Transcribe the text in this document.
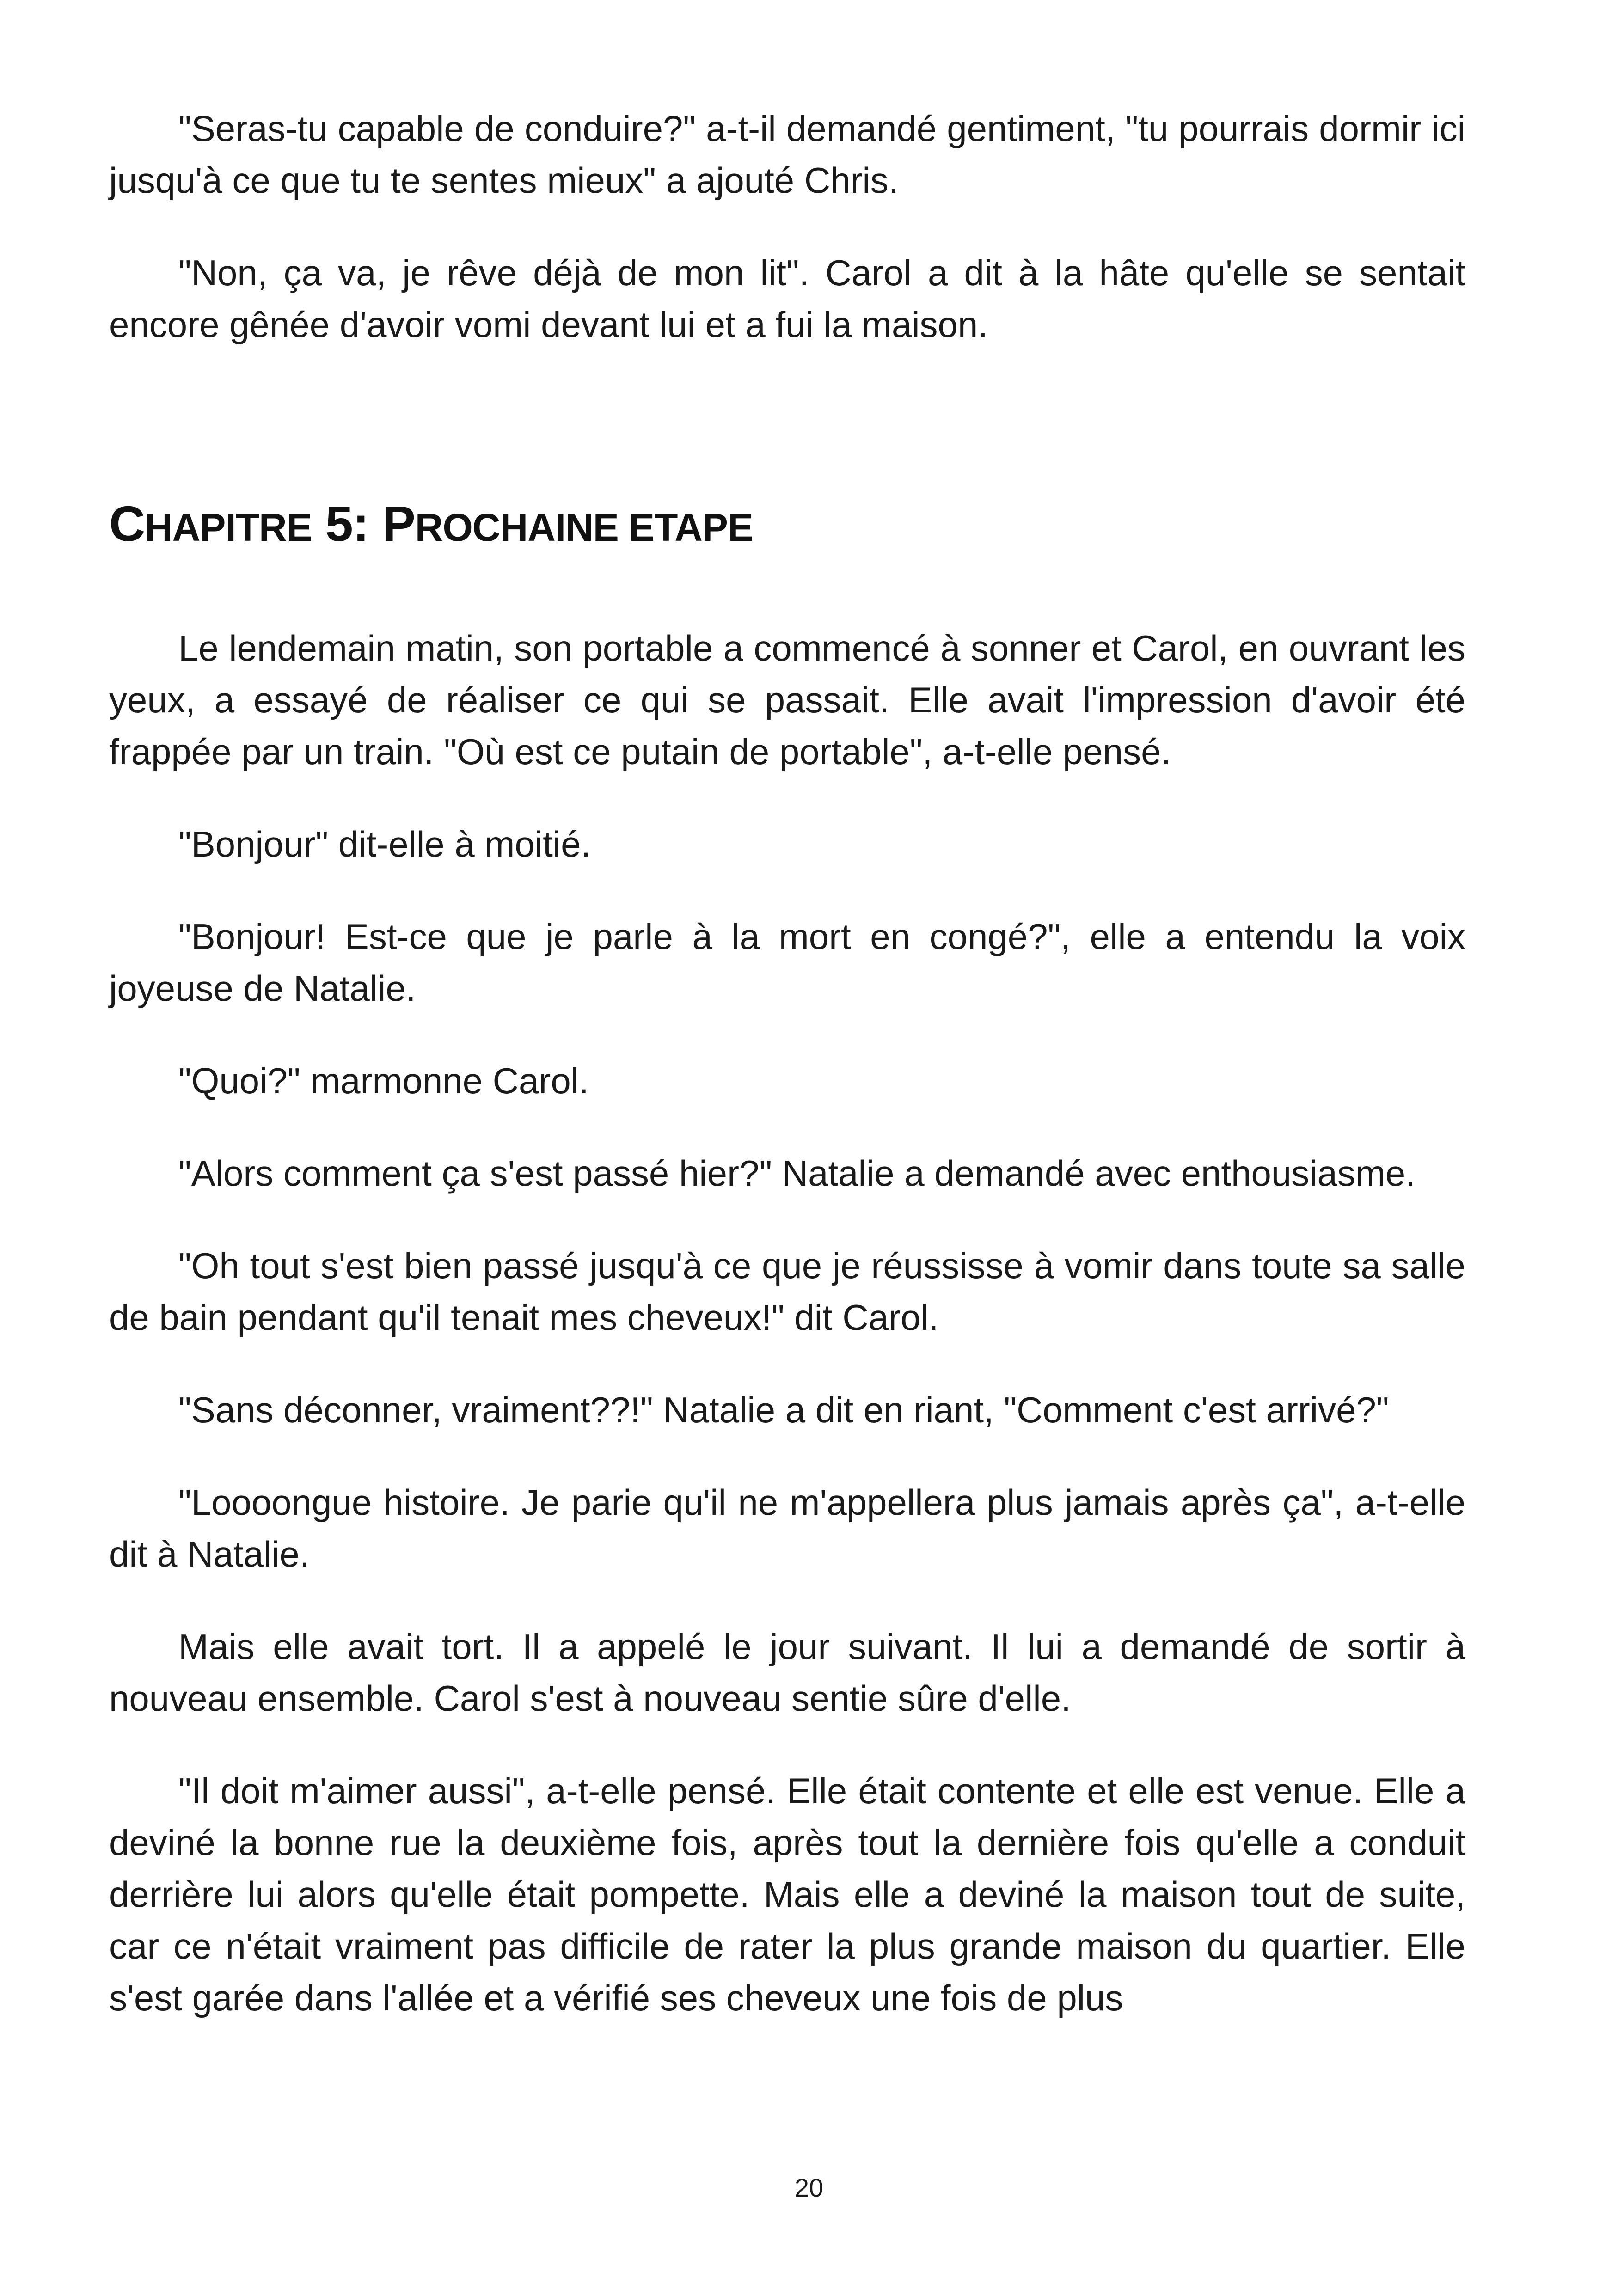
"Seras-tu capable de conduire?" a-t-il demandé gentiment, "tu pourrais dormir ici jusqu'à ce que tu te sentes mieux" a ajouté Chris.

"Non, ça va, je rêve déjà de mon lit". Carol a dit à la hâte qu'elle se sentait encore gênée d'avoir vomi devant lui et a fui la maison.

CHAPITRE 5: PROCHAINE ETAPE

Le lendemain matin, son portable a commencé à sonner et Carol, en ouvrant les yeux, a essayé de réaliser ce qui se passait. Elle avait l'impression d'avoir été frappée par un train. "Où est ce putain de portable", a-t-elle pensé.

"Bonjour" dit-elle à moitié.

"Bonjour! Est-ce que je parle à la mort en congé?", elle a entendu la voix joyeuse de Natalie.

"Quoi?" marmonne Carol.

"Alors comment ça s'est passé hier?" Natalie a demandé avec enthousiasme.

"Oh tout s'est bien passé jusqu'à ce que je réussisse à vomir dans toute sa salle de bain pendant qu'il tenait mes cheveux!" dit Carol.

"Sans déconner, vraiment??!" Natalie a dit en riant, "Comment c'est arrivé?"

"Loooongue histoire. Je parie qu'il ne m'appellera plus jamais après ça", a-t-elle dit à Natalie.

Mais elle avait tort. Il a appelé le jour suivant. Il lui a demandé de sortir à nouveau ensemble. Carol s'est à nouveau sentie sûre d'elle.

"Il doit m'aimer aussi", a-t-elle pensé. Elle était contente et elle est venue. Elle a deviné la bonne rue la deuxième fois, après tout la dernière fois qu'elle a conduit derrière lui alors qu'elle était pompette. Mais elle a deviné la maison tout de suite, car ce n'était vraiment pas difficile de rater la plus grande maison du quartier. Elle s'est garée dans l'allée et a vérifié ses cheveux une fois de plus

20
